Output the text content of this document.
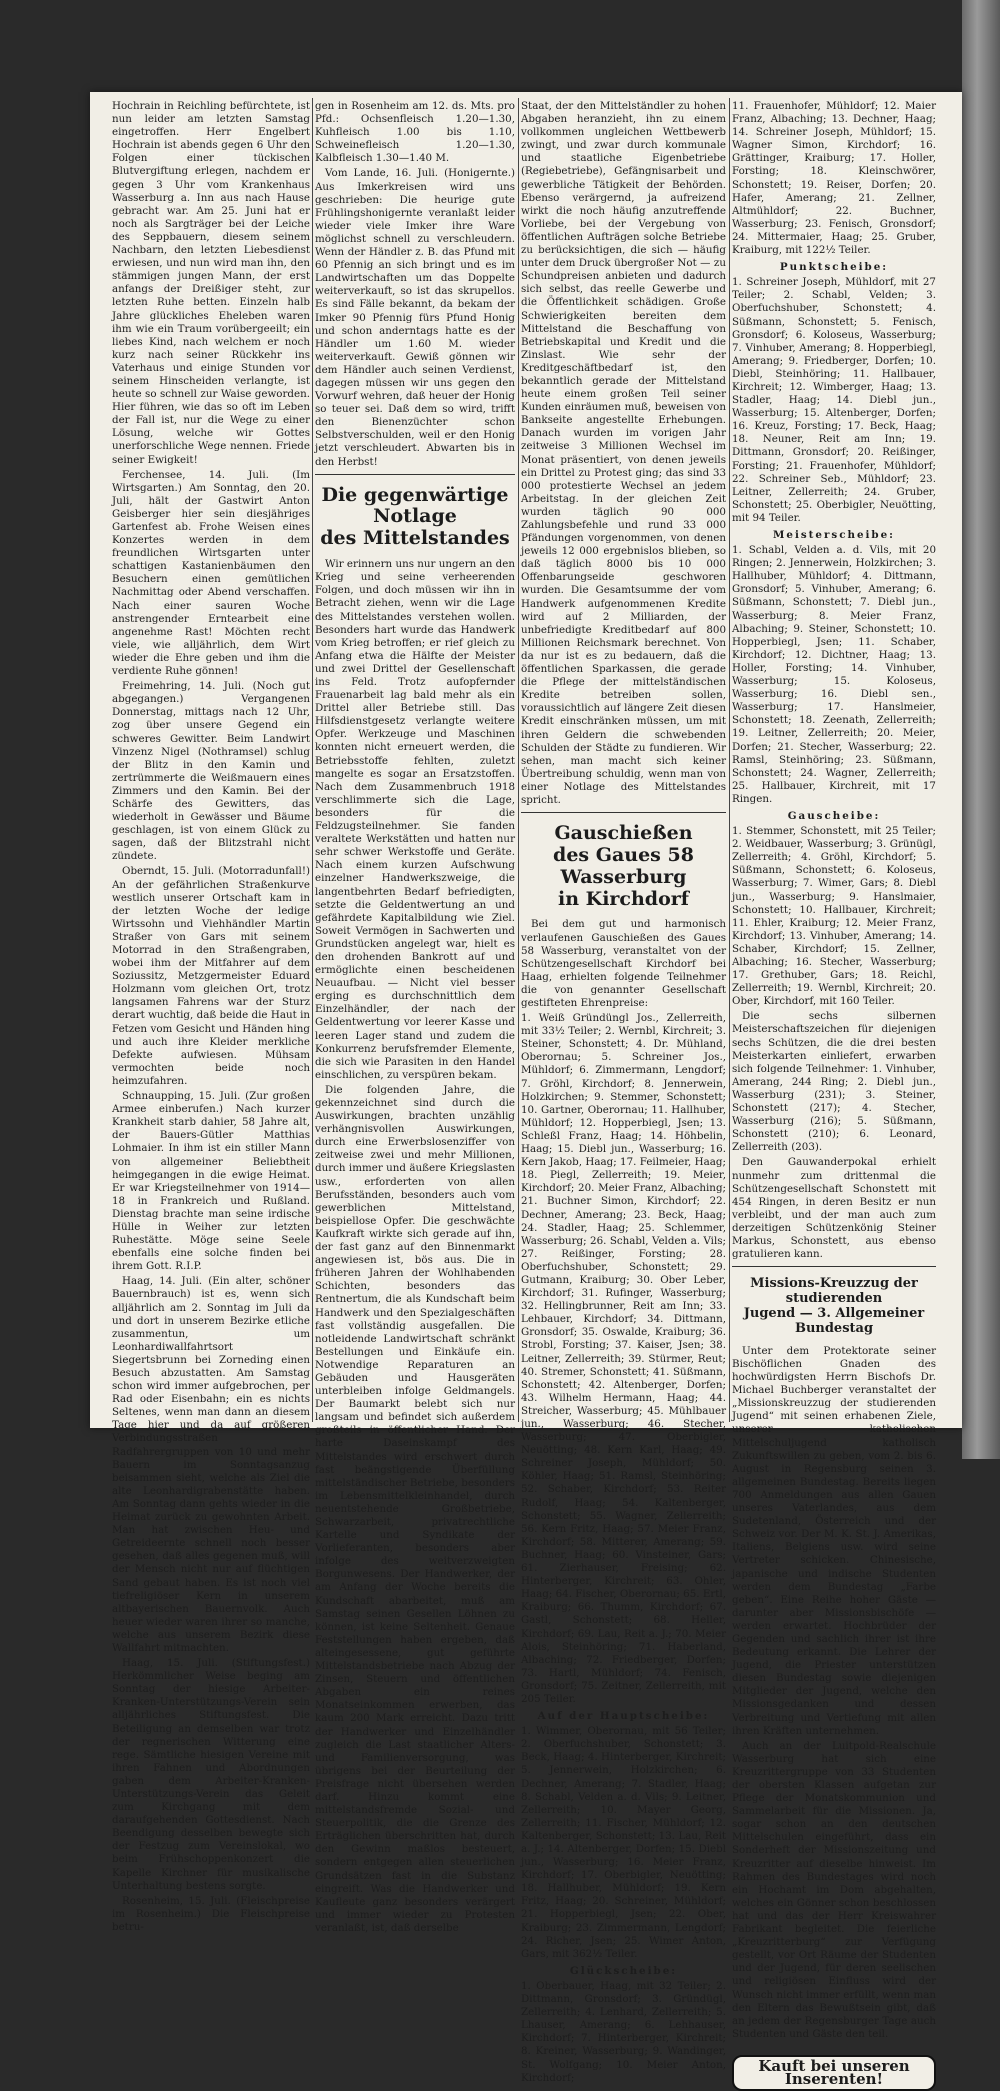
Hochrain in Reichling befürchtete, ist nun leider am letzten Samstag eingetroffen. Herr Engelbert Hochrain ist abends gegen 6 Uhr den Folgen einer tückischen Blutvergiftung erlegen, nachdem er gegen 3 Uhr vom Krankenhaus Wasserburg a. Inn aus nach Hause gebracht war. Am 25. Juni hat er noch als Sargträger bei der Leiche des Seppbauern, diesem seinem Nachbarn, den letzten Liebesdienst erwiesen, und nun wird man ihn, den stämmigen jungen Mann, der erst anfangs der Dreißiger steht, zur letzten Ruhe betten. Einzeln halb Jahre glückliches Eheleben waren ihm wie ein Traum vorübergeeilt; ein liebes Kind, nach welchem er noch kurz nach seiner Rückkehr ins Vaterhaus und einige Stunden vor seinem Hinscheiden verlangte, ist heute so schnell zur Waise geworden. Hier führen, wie das so oft im Leben der Fall ist, nur die Wege zu einer Lösung, welche wir Gottes unerforschliche Wege nennen. Friede seiner Ewigkeit!

Ferchensee, 14. Juli. (Im Wirtsgarten.) Am Sonntag, den 20. Juli, hält der Gastwirt Anton Geisberger hier sein diesjähriges Gartenfest ab. Frohe Weisen eines Konzertes werden in dem freundlichen Wirtsgarten unter schattigen Kastanienbäumen den Besuchern einen gemütlichen Nachmittag oder Abend verschaffen. Nach einer sauren Woche anstrengender Erntearbeit eine angenehme Rast! Möchten recht viele, wie alljährlich, dem Wirt wieder die Ehre geben und ihm die verdiente Ruhe gönnen!

Freimehring, 14. Juli. (Noch gut abgegangen.) Vergangenen Donnerstag, mittags nach 12 Uhr, zog über unsere Gegend ein schweres Gewitter. Beim Landwirt Vinzenz Nigel (Nothramsel) schlug der Blitz in den Kamin und zertrümmerte die Weißmauern eines Zimmers und den Kamin. Bei der Schärfe des Gewitters, das wiederholt in Gewässer und Bäume geschlagen, ist von einem Glück zu sagen, daß der Blitzstrahl nicht zündete.

Oberndt, 15. Juli. (Motorradunfall!) An der gefährlichen Straßenkurve westlich unserer Ortschaft kam in der letzten Woche der ledige Wirtssohn und Viehhändler Martin Straßer von Gars mit seinem Motorrad in den Straßengraben, wobei ihm der Mitfahrer auf dem Soziussitz, Metzgermeister Eduard Holzmann vom gleichen Ort, trotz langsamen Fahrens war der Sturz derart wuchtig, daß beide die Haut in Fetzen vom Gesicht und Händen hing und auch ihre Kleider merkliche Defekte aufwiesen. Mühsam vermochten beide noch heimzufahren.

Schnaupping, 15. Juli. (Zur großen Armee einberufen.) Nach kurzer Krankheit starb dahier, 58 Jahre alt, der Bauers-Gütler Matthias Lohmaier. In ihm ist ein stiller Mann von allgemeiner Beliebtheit heimgegangen in die ewige Heimat. Er war Kriegsteilnehmer von 1914—18 in Frankreich und Rußland. Dienstag brachte man seine irdische Hülle in Weiher zur letzten Ruhestätte. Möge seine Seele ebenfalls eine solche finden bei ihrem Gott. R.I.P.

Haag, 14. Juli. (Ein alter, schöner Bauernbrauch) ist es, wenn sich alljährlich am 2. Sonntag im Juli da und dort in unserem Bezirke etliche zusammentun, um Leonhardiwallfahrtsort Siegertsbrunn bei Zorneding einen Besuch abzustatten. Am Samstag schon wird immer aufgebrochen, per Rad oder Eisenbahn; ein es nichts Seltenes, wenn man dann an diesem Tage hier und da auf größeren Verbindungsstraßen Radfahrergruppen von 10 und mehr Bauern im Sonntagsanzug beisammen sieht, welche als Ziel die alte Leonhardigrabenstätte haben. Am Sonntag dann gehts wieder in die Heimat zurück zu gewohnten Arbeit. Man hat zwischen Heu- und Getreideernte schnell noch besser gesehen, daß alles gegenen muß, will der Mensch nicht nur auf flüchtigen Sand gebaut haben. Es ist noch viel tiefreligiöser Kern in unserem altbayerischen Bauernvolk. Auch heuer wieder waren ihrer so manche, welche aus unserem Bezirk diese Wallfahrt mitmachten.

Haag, 15. Juli. (Stiftungsfest.) Herkömmlicher Weise beging am Sonntag der hiesige Arbeiter-Kranken-Unterstützungs-Verein sein alljährliches Stiftungsfest. Die Beteiligung an demselben war trotz der regnerischen Witterung eine rege. Sämtliche hiesigen Vereine mit ihren Fahnen und Abordnungen gaben dem Arbeiter-Kranken-Unterstützungs-Verein das Geleit zum Kirchgang mit dem daraufgehenden Gottesdienst. Nach Beendigung desselben bewegte sich der Festzug zum Vereinslokal, wo beim Frühschoppenkonzert die Kapelle Kirchner für musikalische Unterhaltung bestens sorgte.

Rosenheim, 15. Juli. (Fleischpreise im Rosenheim.) Die Fleischpreise betru-

gen in Rosenheim am 12. ds. Mts. pro Pfd.: Ochsenfleisch 1.20—1.30, Kuhfleisch 1.00 bis 1.10, Schweinefleisch 1.20—1.30, Kalbfleisch 1.30—1.40 M.

Vom Lande, 16. Juli. (Honigernte.) Aus Imkerkreisen wird uns geschrieben: Die heurige gute Frühlingshonigernte veranlaßt leider wieder viele Imker ihre Ware möglichst schnell zu verschleudern. Wenn der Händler z. B. das Pfund mit 60 Pfennig an sich bringt und es im Landwirtschaften um das Doppelte weiterverkauft, so ist das skrupellos. Es sind Fälle bekannt, da bekam der Imker 90 Pfennig fürs Pfund Honig und schon anderntags hatte es der Händler um 1.60 M. wieder weiterverkauft. Gewiß gönnen wir dem Händler auch seinen Verdienst, dagegen müssen wir uns gegen den Vorwurf wehren, daß heuer der Honig so teuer sei. Daß dem so wird, trifft den Bienenzüchter schon Selbstverschulden, weil er den Honig jetzt verschleudert. Abwarten bis in den Herbst!

Die gegenwärtige Notlage
des Mittelstandes

Wir erinnern uns nur ungern an den Krieg und seine verheerenden Folgen, und doch müssen wir ihn in Betracht ziehen, wenn wir die Lage des Mittelstandes verstehen wollen. Besonders hart wurde das Handwerk vom Krieg betroffen; er rief gleich zu Anfang etwa die Hälfte der Meister und zwei Drittel der Gesellenschaft ins Feld. Trotz aufopfernder Frauenarbeit lag bald mehr als ein Drittel aller Betriebe still. Das Hilfsdienstgesetz verlangte weitere Opfer. Werkzeuge und Maschinen konnten nicht erneuert werden, die Betriebsstoffe fehlten, zuletzt mangelte es sogar an Ersatzstoffen. Nach dem Zusammenbruch 1918 verschlimmerte sich die Lage, besonders für die Feldzugsteilnehmer. Sie fanden veraltete Werkstätten und hatten nur sehr schwer Werkstoffe und Geräte. Nach einem kurzen Aufschwung einzelner Handwerkszweige, die langentbehrten Bedarf befriedigten, setzte die Geldentwertung an und gefährdete Kapitalbildung wie Ziel. Soweit Vermögen in Sachwerten und Grundstücken angelegt war, hielt es den drohenden Bankrott auf und ermöglichte einen bescheidenen Neuaufbau. — Nicht viel besser erging es durchschnittlich dem Einzelhändler, der nach der Geldentwertung vor leerer Kasse und leeren Lager stand und zudem die Konkurrenz berufsfremder Elemente, die sich wie Parasiten in den Handel einschlichen, zu verspüren bekam.

Die folgenden Jahre, die gekennzeichnet sind durch die Auswirkungen, brachten unzählig verhängnisvollen Auswirkungen, durch eine Erwerbslosenziffer von zeitweise zwei und mehr Millionen, durch immer und äußere Kriegslasten usw., erforderten von allen Berufsständen, besonders auch vom gewerblichen Mittelstand, beispiellose Opfer. Die geschwächte Kaufkraft wirkte sich gerade auf ihn, der fast ganz auf den Binnenmarkt angewiesen ist, bös aus. Die in früheren Jahren der Wohlhabenden Schichten, besonders das Rentnertum, die als Kundschaft beim Handwerk und den Spezialgeschäften fast vollständig ausgefallen. Die notleidende Landwirtschaft schränkt Bestellungen und Einkäufe ein. Notwendige Reparaturen an Gebäuden und Hausgeräten unterbleiben infolge Geldmangels. Der Baumarkt belebt sich nur langsam und befindet sich außerdem großteils in öffentlicher Hand. Der harte Daseinskampf des Mittelstandes wird erschwert durch fast beängstigende Überfüllung mittelständischer Betriebe, besonders im Lebensmittelkleinhandel, durch neuentstehende Großbetriebe, Schwarzarbeit, privatrechtliche Kartelle und Syndikate der Vorlieferanten, besonders aber infolge des weitverzweigten Borgunwesens. Der Handwerker, der am Anfang der Woche bereits die Kundschaft abarbeitet, muß am Samstag seinen Gesellen Löhnen zu können, ist keine Seltenheit. Genaue Feststellungen haben ergeben, daß alteingesessene, gut geführte Mittelstandsbetriebe nach Abzug der Zinsen, Steuern und öffentlichen Abgaben ein reines Monatseinkommen erwerben, das kaum 200 Mark erreicht. Dazu tritt der Handwerker und Einzelhändler zugleich die Last staatlicher Alters- und Familienversorgung, was übrigens bei der Beurteilung der Preisfrage nicht übersehen werden darf. Hinzu kommt eine mittelstandsfremde Sozial- und Steuerpolitik, die die Grenze des Erträglichen überschritten hat, durch den Gewinn maßlos besteuert, sondern entgegen allen steuerlichen Grundsätzen fast in die Substanz eingreift. Was die Handwerker und Kaufleute ganz besonders verärgert und immer wieder zu Protesten veranlaßt, ist, daß derselbe

Staat, der den Mittelständler zu hohen Abgaben heranzieht, ihn zu einem vollkommen ungleichen Wettbewerb zwingt, und zwar durch kommunale und staatliche Eigenbetriebe (Regiebetriebe), Gefängnisarbeit und gewerbliche Tätigkeit der Behörden. Ebenso verärgernd, ja aufreizend wirkt die noch häufig anzutreffende Vorliebe, bei der Vergebung von öffentlichen Aufträgen solche Betriebe zu berücksichtigen, die sich — häufig unter dem Druck übergroßer Not — zu Schundpreisen anbieten und dadurch sich selbst, das reelle Gewerbe und die Öffentlichkeit schädigen. Große Schwierigkeiten bereiten dem Mittelstand die Beschaffung von Betriebskapital und Kredit und die Zinslast. Wie sehr der Kreditgeschäftbedarf ist, den bekanntlich gerade der Mittelstand heute einem großen Teil seiner Kunden einräumen muß, beweisen von Bankseite angestellte Erhebungen. Danach wurden im vorigen Jahr zeitweise 3 Millionen Wechsel im Monat präsentiert, von denen jeweils ein Drittel zu Protest ging; das sind 33 000 protestierte Wechsel an jedem Arbeitstag. In der gleichen Zeit wurden täglich 90 000 Zahlungsbefehle und rund 33 000 Pfändungen vorgenommen, von denen jeweils 12 000 ergebnislos blieben, so daß täglich 8000 bis 10 000 Offenbarungseide geschworen wurden. Die Gesamtsumme der vom Handwerk aufgenommenen Kredite wird auf 2 Milliarden, der unbefriedigte Kreditbedarf auf 800 Millionen Reichsmark berechnet. Von da nur ist es zu bedauern, daß die öffentlichen Sparkassen, die gerade die Pflege der mittelständischen Kredite betreiben sollen, voraussichtlich auf längere Zeit diesen Kredit einschränken müssen, um mit ihren Geldern die schwebenden Schulden der Städte zu fundieren. Wir sehen, man macht sich keiner Übertreibung schuldig, wenn man von einer Notlage des Mittelstandes spricht.

Gauschießen
des Gaues 58 Wasserburg
in Kirchdorf

Bei dem gut und harmonisch verlaufenen Gauschießen des Gaues 58 Wasserburg, veranstaltet von der Schützengesellschaft Kirchdorf bei Haag, erhielten folgende Teilnehmer die von genannter Gesellschaft gestifteten Ehrenpreise:

1. Weiß Gründüngl Jos., Zellerreith, mit 33½ Teiler; 2. Wernbl, Kirchreit; 3. Steiner, Schonstett; 4. Dr. Mühland, Oberornau; 5. Schreiner Jos., Mühldorf; 6. Zimmermann, Lengdorf; 7. Gröhl, Kirchdorf; 8. Jennerwein, Holzkirchen; 9. Stemmer, Schonstett; 10. Gartner, Oberornau; 11. Hallhuber, Mühldorf; 12. Hopperbiegl, Jsen; 13. Schleßl Franz, Haag; 14. Höhbelin, Haag; 15. Diebl jun., Wasserburg; 16. Kern Jakob, Haag; 17. Feilmeier, Haag; 18. Piegl, Zellerreith; 19. Meier, Kirchdorf; 20. Meier Franz, Albaching; 21. Buchner Simon, Kirchdorf; 22. Dechner, Amerang; 23. Beck, Haag; 24. Stadler, Haag; 25. Schlemmer, Wasserburg; 26. Schabl, Velden a. Vils; 27. Reißinger, Forsting; 28. Oberfuchshuber, Schonstett; 29. Gutmann, Kraiburg; 30. Ober Leber, Kirchdorf; 31. Rufinger, Wasserburg; 32. Hellingbrunner, Reit am Inn; 33. Lehbauer, Kirchdorf; 34. Dittmann, Gronsdorf; 35. Oswalde, Kraiburg; 36. Strobl, Forsting; 37. Kaiser, Jsen; 38. Leitner, Zellerreith; 39. Stürmer, Reut; 40. Stremer, Schonstett; 41. Süßmann, Schonstett; 42. Altenberger, Dorfen; 43. Wilhelm Hermann, Haag; 44. Streicher, Wasserburg; 45. Mühlbauer jun., Wasserburg; 46. Stecher, Wasserburg; 47. Oberbigler, Neuötting; 48. Kern Karl, Haag; 49. Schreiner Joseph, Mühldorf; 50. Köhler, Haag; 51. Ramsl, Steinhöring; 52. Schaber, Kirchdorf; 53. Reiter Rudolf, Haag; 54. Kaltenberger, Schonstett; 55. Wagner, Zellerreith; 56. Kern Fritz, Haag; 57. Meier Franz, Kirchdorf; 58. Mitterer, Amerang; 59. Buchner, Haag; 60. Vinsteiner, Gars; 61. Zierhauser, Freising; 62. Hinterberger, Kirchreit; 63. Ohler, Haag; 64. Fischer, Oberornau; 65. Ertl, Kraiburg; 66. Thumm, Kirchdorf; 67. Gastl, Schonstett; 68. Heller, Kirchdorf; 69. Lau, Reit a. J.; 70. Meier Alois, Steinhöring; 71. Haberland, Albaching; 72. Friedberger, Dorfen; 73. Hartl, Mühldorf; 74. Fenisch, Gronsdorf; 75. Zeitner, Zellerreith, mit 205 Teiler.

Auf der Hauptscheibe:

1. Wimmer, Oberornau, mit 56 Teiler; 2. Oberfuchshuber, Schonstett; 3. Beck, Haag; 4. Hinterberger, Kirchreit; 5. Jennerwein, Holzkirchen; 6. Dechner, Amerang; 7. Stadler, Haag; 8. Schabl, Velden a. d. Vils; 9. Leitner, Zellerreith; 10. Mayer Georg, Zellerreith; 11. Fischer, Mühldorf; 12. Kaltenberger, Schonstett; 13. Lau, Reit a. J.; 14. Altenberger, Dorfen; 15. Diebl jun., Wasserburg; 16. Meier Franz, Kirchdorf; 17. Oberbigler, Neuötting; 18. Hallhuber, Mühldorf; 19. Kern Fritz, Haag; 20. Schreiner, Mühldorf; 21. Hopperbiegl, Jsen; 22. Ober, Kraiburg; 23. Zimmermann, Lengdorf; 24. Richer, Jsen; 25. Wimer Anton, Gars, mit 362½ Teiler.

Glückscheibe:

1. Oberbauer, Haag, mit 32 Teiler; 2. Dittmann, Gronsdorf; 3. Gründügl, Zellerreith; 4. Lenhard, Zellerreith; 5. Lhauser, Amerang; 6. Lehhauser, Kirchdorf; 7. Hinterberger, Kirchreit; 8. Kreiner, Wasserburg; 9. Wandinger, St. Wolfgang; 10. Meier Anton, Kirchdorf;

11. Frauenhofer, Mühldorf; 12. Maier Franz, Albaching; 13. Dechner, Haag; 14. Schreiner Joseph, Mühldorf; 15. Wagner Simon, Kirchdorf; 16. Grättinger, Kraiburg; 17. Holler, Forsting; 18. Kleinschwörer, Schonstett; 19. Reiser, Dorfen; 20. Hafer, Amerang; 21. Zellner, Altmühldorf; 22. Buchner, Wasserburg; 23. Fenisch, Gronsdorf; 24. Mittermaier, Haag; 25. Gruber, Kraiburg, mit 122½ Teiler.

Punktscheibe:

1. Schreiner Joseph, Mühldorf, mit 27 Teiler; 2. Schabl, Velden; 3. Oberfuchshuber, Schonstett; 4. Süßmann, Schonstett; 5. Fenisch, Gronsdorf; 6. Koloseus, Wasserburg; 7. Vinhuber, Amerang; 8. Hopperbiegl, Amerang; 9. Friedberger, Dorfen; 10. Diebl, Steinhöring; 11. Hallbauer, Kirchreit; 12. Wimberger, Haag; 13. Stadler, Haag; 14. Diebl jun., Wasserburg; 15. Altenberger, Dorfen; 16. Kreuz, Forsting; 17. Beck, Haag; 18. Neuner, Reit am Inn; 19. Dittmann, Gronsdorf; 20. Reißinger, Forsting; 21. Frauenhofer, Mühldorf; 22. Schreiner Seb., Mühldorf; 23. Leitner, Zellerreith; 24. Gruber, Schonstett; 25. Oberbigler, Neuötting, mit 94 Teiler.

Meisterscheibe:

1. Schabl, Velden a. d. Vils, mit 20 Ringen; 2. Jennerwein, Holzkirchen; 3. Hallhuber, Mühldorf; 4. Dittmann, Gronsdorf; 5. Vinhuber, Amerang; 6. Süßmann, Schonstett; 7. Diebl jun., Wasserburg; 8. Meier Franz, Albaching; 9. Steiner, Schonstett; 10. Hopperbiegl, Jsen; 11. Schaber, Kirchdorf; 12. Dichtner, Haag; 13. Holler, Forsting; 14. Vinhuber, Wasserburg; 15. Koloseus, Wasserburg; 16. Diebl sen., Wasserburg; 17. Hanslmeier, Schonstett; 18. Zeenath, Zellerreith; 19. Leitner, Zellerreith; 20. Meier, Dorfen; 21. Stecher, Wasserburg; 22. Ramsl, Steinhöring; 23. Süßmann, Schonstett; 24. Wagner, Zellerreith; 25. Hallbauer, Kirchreit, mit 17 Ringen.

Gauscheibe:

1. Stemmer, Schonstett, mit 25 Teiler; 2. Weidbauer, Wasserburg; 3. Grünügl, Zellerreith; 4. Gröhl, Kirchdorf; 5. Süßmann, Schonstett; 6. Koloseus, Wasserburg; 7. Wimer, Gars; 8. Diebl jun., Wasserburg; 9. Hanslmaier, Schonstett; 10. Hallbauer, Kirchreit; 11. Ehler, Kraiburg; 12. Meier Franz, Kirchdorf; 13. Vinhuber, Amerang; 14. Schaber, Kirchdorf; 15. Zellner, Albaching; 16. Stecher, Wasserburg; 17. Grethuber, Gars; 18. Reichl, Zellerreith; 19. Wernbl, Kirchreit; 20. Ober, Kirchdorf, mit 160 Teiler.

Die sechs silbernen Meisterschaftszeichen für diejenigen sechs Schützen, die die drei besten Meisterkarten einliefert, erwarben sich folgende Teilnehmer: 1. Vinhuber, Amerang, 244 Ring; 2. Diebl jun., Wasserburg (231); 3. Steiner, Schonstett (217); 4. Stecher, Wasserburg (216); 5. Süßmann, Schonstett (210); 6. Leonard, Zellerreith (203).

Den Gauwanderpokal erhielt nunmehr zum drittenmal die Schützengesellschaft Schonstett mit 454 Ringen, in deren Besitz er nun verbleibt, und der man auch zum derzeitigen Schützenkönig Steiner Markus, Schonstett, aus ebenso gratulieren kann.

Missions-Kreuzzug der studierenden
Jugend — 3. Allgemeiner Bundestag

Unter dem Protektorate seiner Bischöflichen Gnaden des hochwürdigsten Herrn Bischofs Dr. Michael Buchberger veranstaltet der „Missionskreuzzug der studierenden Jugend“ mit seinen erhabenen Ziele, unserer katholischen Mittelschuljugend katholisch Zukunftswillen zu geben, vom 2. bis 6. August in Regensburg seinen 3. allgemeinen Bundestag. Bereits liegen 700 Anmeldungen aus allen Gauen unseres Vaterlandes, aus dem Sudetenland, Österreich und der Schweiz vor. Der M. K. St. J. Amerikas, Italiens, Belgiens usw. wird seine Vertreter schicken. Chinesische, japanische und indische Studenten werden dem Bundestag „Farbe geben“. Eine Reihe hoher Gäste — darunter aber Missionsbischöfe — werden erwartet. Hochbrüder der Gegenden und sachlich ihrer ist ihre Bedeutung erkannt. Die Lehrer der Jugend, die Priester unterstützen diesen Bundestag sowie diejenigen Mitglieder der Jugend, welche den Missionsgedanken und dessen Verbreitung und Vertiefung mit allen ihren Kräften unternehmen.

Auch an der Luitpold-Realschule Wasserburg hat sich eine Kreuzrittergruppe von 33 Studenten der obersten Klassen aufgetan zur Pflege der Monatskommunion und Sammelarbeit für die Missionen. Ja, sogar schon an den deutschen Mittelschulen eingeführt, dass ein Sonderheft der Missionszeitung und Kreuzritter auf dieselbe hinweist. Im Rahmen des Bundestages wird noch ein Hochamt im Dom abgehalten, welches ein Gönner schon beschlossen hat und das der Herr Kreiswahrer Fabrikant begleitet. Die feierliche „Kreuzritterburg“ zur Verfügung gestellt, vor Ort Räume der Studenten und der Jugend, für deren seelischen und religiösen Einfluss wird der Wunsch nicht immer erfüllt, wenn man den Eltern das Bewußtsein gibt, daß an jedem der Regensburger Tage auch Studenten und Gäste den teil.

Kauft bei unseren Inserenten!
